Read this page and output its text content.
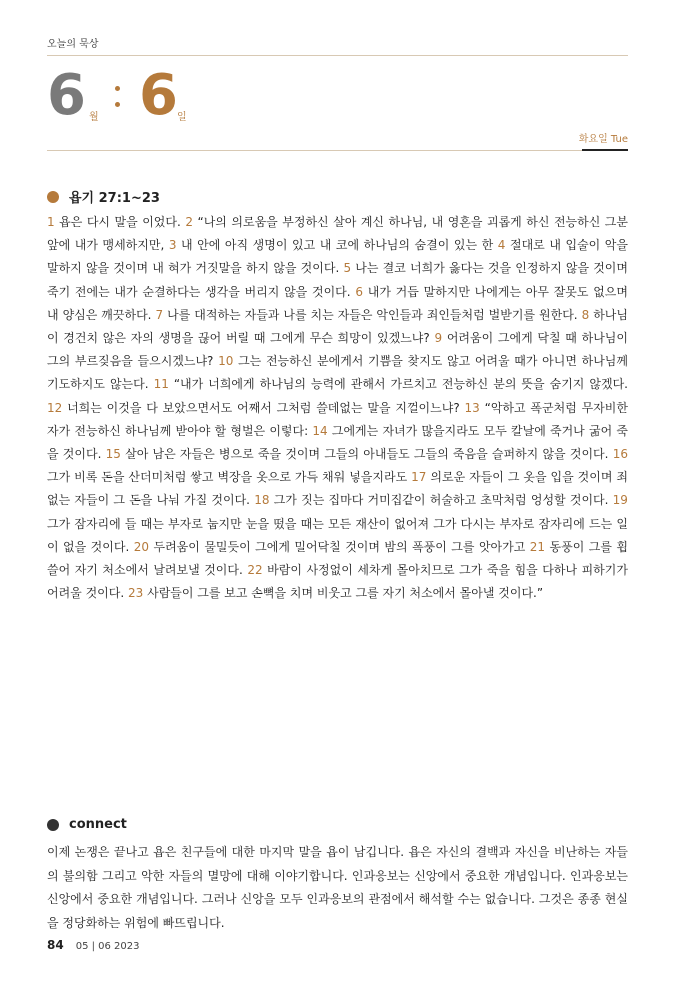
오늘의 묵상
6 월 6 일
화요일 Tue
욥기 27:1~23
1 욥은 다시 말을 이었다. 2 “나의 의로움을 부정하신 살아 계신 하나님, 내 영혼을 괴롭게 하신 전능하신 그분 앞에 내가 맹세하지만, 3 내 안에 아직 생명이 있고 내 코에 하나님의 숨결이 있는 한 4 절대로 내 입술이 악을 말하지 않을 것이며 내 혀가 거짓말을 하지 않을 것이다. 5 나는 결코 너희가 옳다는 것을 인정하지 않을 것이며 죽기 전에는 내가 순결하다는 생각을 버리지 않을 것이다. 6 내가 거듭 말하지만 나에게는 아무 잘못도 없으며 내 양심은 깨끗하다. 7 나를 대적하는 자들과 나를 치는 자들은 악인들과 죄인들처럼 벌받기를 원한다. 8 하나님이 경건치 않은 자의 생명을 끊어 버릴 때 그에게 무슨 희망이 있겠느냐? 9 어려움이 그에게 닥칠 때 하나님이 그의 부르짖음을 들으시겠느냐? 10 그는 전능하신 분에게서 기쁨을 찾지도 않고 어려울 때가 아니면 하나님께 기도하지도 않는다. 11 “내가 너희에게 하나님의 능력에 관해서 가르치고 전능하신 분의 뜻을 숨기지 않겠다. 12 너희는 이것을 다 보았으면서도 어째서 그처럼 쓸데없는 말을 지껄이느냐? 13 “악하고 폭군처럼 무자비한 자가 전능하신 하나님께 받아야 할 형벌은 이렇다: 14 그에게는 자녀가 많을지라도 모두 칼날에 죽거나 굶어 죽을 것이다. 15 살아 남은 자들은 병으로 죽을 것이며 그들의 아내들도 그들의 죽음을 슬퍼하지 않을 것이다. 16 그가 비록 돈을 산더미처럼 쌓고 벽장을 옷으로 가득 채워 넣을지라도 17 의로운 자들이 그 옷을 입을 것이며 죄 없는 자들이 그 돈을 나눠 가질 것이다. 18 그가 짓는 집마다 거미집같이 허술하고 초막처럼 엉성할 것이다. 19 그가 잠자리에 들 때는 부자로 눕지만 눈을 떴을 때는 모든 재산이 없어져 그가 다시는 부자로 잠자리에 드는 일이 없을 것이다. 20 두려움이 물밀듯이 그에게 밀어닥칠 것이며 밤의 폭풍이 그를 앗아가고 21 동풍이 그를 휩쓸어 자기 처소에서 날려보낼 것이다. 22 바람이 사정없이 세차게 몰아치므로 그가 죽을 힘을 다하나 피하기가 어려울 것이다. 23 사람들이 그를 보고 손뼉을 치며 비웃고 그를 자기 처소에서 몰아낼 것이다.”
connect
이제 논쟁은 끝나고 욥은 친구들에 대한 마지막 말을 욥이 남깁니다. 욥은 자신의 결백과 자신을 비난하는 자들의 불의함 그리고 악한 자들의 멸망에 대해 이야기합니다. 인과응보는 신앙에서 중요한 개념입니다. 인과응보는 신앙에서 중요한 개념입니다. 그러나 신앙을 모두 인과응보의 관점에서 해석할 수는 없습니다. 그것은 종종 현실을 정당화하는 위험에 빠뜨립니다.
84 05 | 06 2023
